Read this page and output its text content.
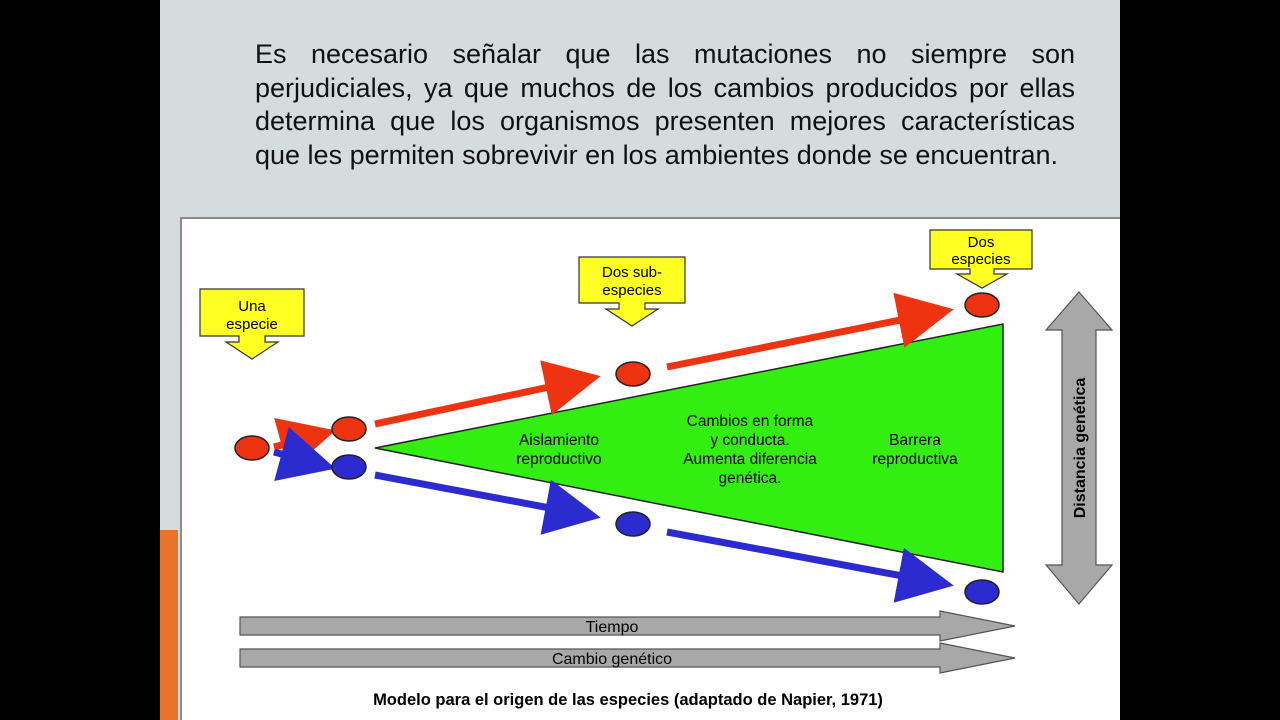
Es necesario señalar que las mutaciones no siempre son perjudiciales, ya que muchos de los cambios producidos por ellas determina que los organismos presenten mejores características que les permiten sobrevivir en los ambientes donde se encuentran.

Una
especie
Dos sub-
especies
Dos
especies
Aislamiento
reproductivo
Cambios en forma
y conducta.
Aumenta diferencia
genética.
Barrera
reproductiva	Distancia genética
Tiempo
Cambio genético
Modelo para el origen de las especies (adaptado de Napier, 1971)
